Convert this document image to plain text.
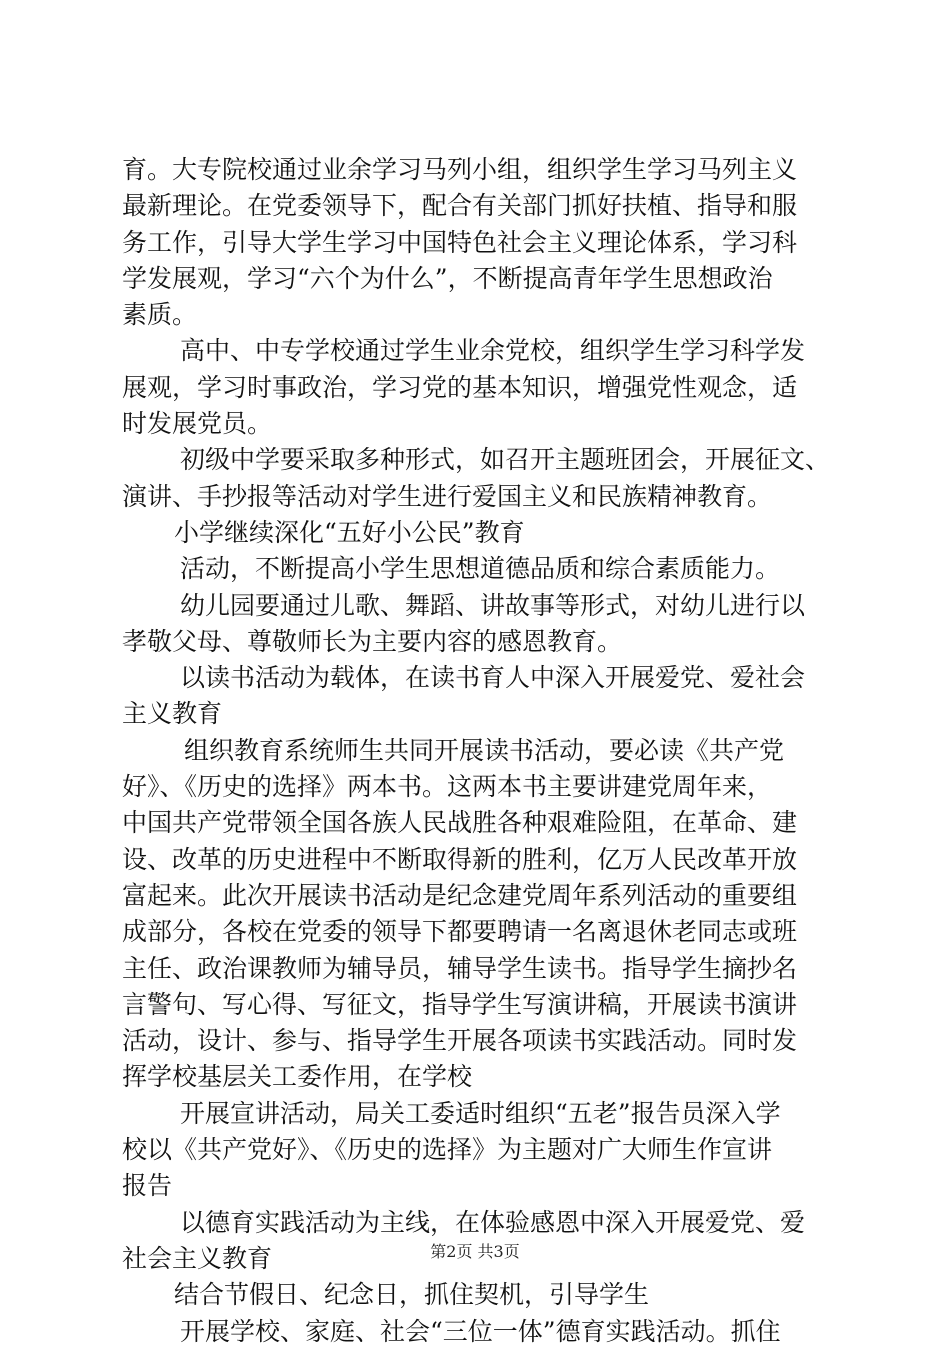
育。大专院校通过业余学习马列小组，组织学生学习马列主义
最新理论。在党委领导下，配合有关部门抓好扶植、指导和服
务工作，引导大学生学习中国特色社会主义理论体系，学习科
学发展观，学习“六个为什么”，不断提高青年学生思想政治
素质。
高中、中专学校通过学生业余党校，组织学生学习科学发
展观，学习时事政治，学习党的基本知识，增强党性观念，适
时发展党员。
初级中学要采取多种形式，如召开主题班团会，开展征文、
演讲、手抄报等活动对学生进行爱国主义和民族精神教育。
小学继续深化“五好小公民”教育
活动，不断提高小学生思想道德品质和综合素质能力。
幼儿园要通过儿歌、舞蹈、讲故事等形式，对幼儿进行以
孝敬父母、尊敬师长为主要内容的感恩教育。
以读书活动为载体，在读书育人中深入开展爱党、爱社会
主义教育
组织教育系统师生共同开展读书活动，要必读《共产党
好》、《历史的选择》两本书。这两本书主要讲建党周年来，
中国共产党带领全国各族人民战胜各种艰难险阻，在革命、建
设、改革的历史进程中不断取得新的胜利，亿万人民改革开放
富起来。此次开展读书活动是纪念建党周年系列活动的重要组
成部分，各校在党委的领导下都要聘请一名离退休老同志或班
主任、政治课教师为辅导员，辅导学生读书。指导学生摘抄名
言警句、写心得、写征文，指导学生写演讲稿，开展读书演讲
活动，设计、参与、指导学生开展各项读书实践活动。同时发
挥学校基层关工委作用，在学校
开展宣讲活动，局关工委适时组织“五老”报告员深入学
校以《共产党好》、《历史的选择》为主题对广大师生作宣讲
报告
以德育实践活动为主线，在体验感恩中深入开展爱党、爱
社会主义教育
结合节假日、纪念日，抓住契机，引导学生
开展学校、家庭、社会“三位一体”德育实践活动。抓住
第2页 共3页
